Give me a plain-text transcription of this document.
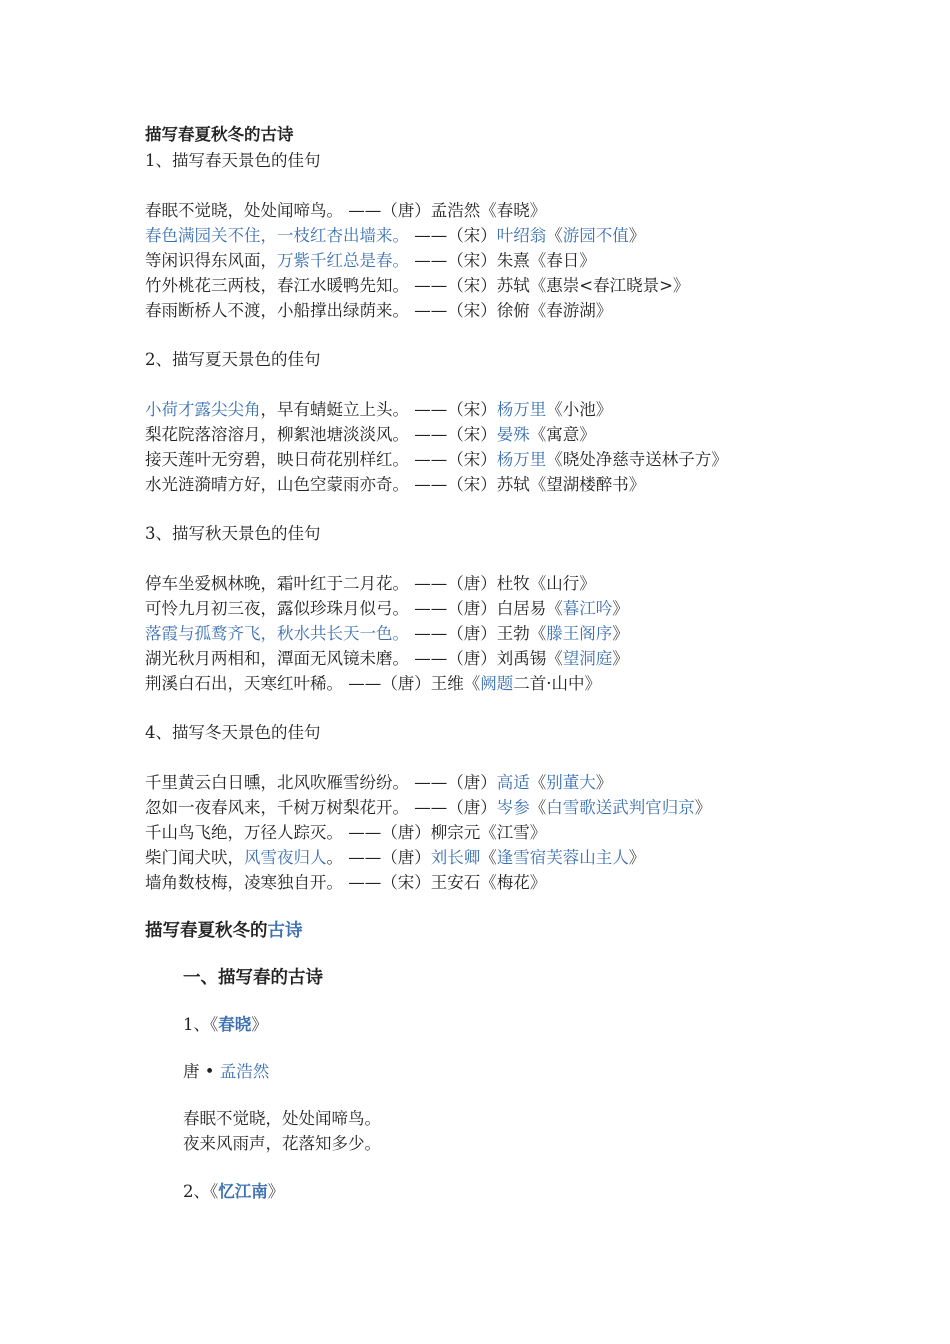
描写春夏秋冬的古诗
1、描写春天景色的佳句
春眠不觉晓，处处闻啼鸟。 ——（唐）孟浩然《春晓》
春色满园关不住，一枝红杏出墙来。 ——（宋）叶绍翁《游园不值》
等闲识得东风面，万紫千红总是春。 ——（宋）朱熹《春日》
竹外桃花三两枝，春江水暖鸭先知。 ——（宋）苏轼《惠崇<春江晓景>》
春雨断桥人不渡，小船撑出绿荫来。 ——（宋）徐俯《春游湖》
2、描写夏天景色的佳句
小荷才露尖尖角，早有蜻蜓立上头。 ——（宋）杨万里《小池》
梨花院落溶溶月，柳絮池塘淡淡风。 ——（宋）晏殊《寓意》
接天莲叶无穷碧，映日荷花别样红。 ——（宋）杨万里《晓处净慈寺送林子方》
水光涟漪晴方好，山色空蒙雨亦奇。 ——（宋）苏轼《望湖楼醉书》
3、描写秋天景色的佳句
停车坐爱枫林晚，霜叶红于二月花。 ——（唐）杜牧《山行》
可怜九月初三夜，露似珍珠月似弓。 ——（唐）白居易《暮江吟》
落霞与孤鹜齐飞，秋水共长天一色。 ——（唐）王勃《滕王阁序》
湖光秋月两相和，潭面无风镜未磨。 ——（唐）刘禹锡《望洞庭》
荆溪白石出，天寒红叶稀。 ——（唐）王维《阙题二首·山中》
4、描写冬天景色的佳句
千里黄云白日曛，北风吹雁雪纷纷。 ——（唐）高适《别董大》
忽如一夜春风来，千树万树梨花开。 ——（唐）岑参《白雪歌送武判官归京》
千山鸟飞绝，万径人踪灭。 ——（唐）柳宗元《江雪》
柴门闻犬吠，风雪夜归人。 ——（唐）刘长卿《逢雪宿芙蓉山主人》
墙角数枝梅，凌寒独自开。 ——（宋）王安石《梅花》
描写春夏秋冬的古诗
一、描写春的古诗
1、《春晓》
唐 • 孟浩然
春眠不觉晓，处处闻啼鸟。
夜来风雨声，花落知多少。
2、《忆江南》
